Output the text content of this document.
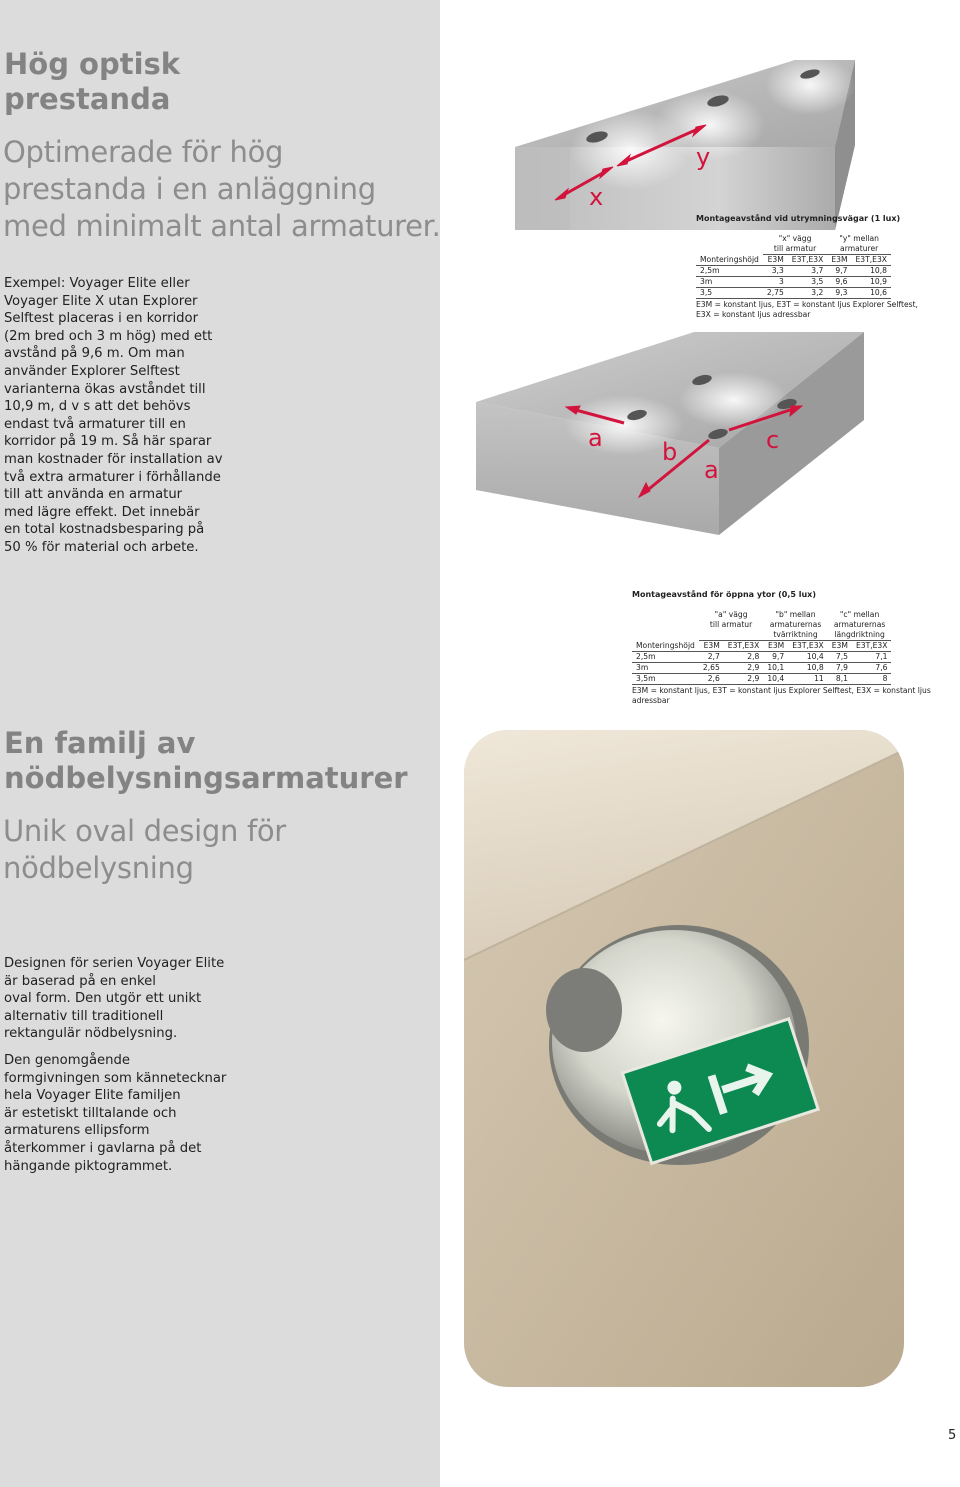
Hög optisk
prestanda
Optimerade för hög
prestanda i en anläggning
med minimalt antal armaturer.
Exempel: Voyager Elite eller
Voyager Elite X utan Explorer
Selftest placeras i en korridor
(2m bred och 3 m hög) med ett
avstånd på 9,6 m. Om man
använder Explorer Selftest
varianterna ökas avståndet till
10,9 m, d v s att det behövs
endast två armaturer till en
korridor på 19 m. Så här sparar
man kostnader för installation av
två extra armaturer i förhållande
till att använda en armatur
med lägre effekt. Det innebär
en total kostnadsbesparing på
50 % för material och arbete.
En familj av
nödbelysningsarmaturer
Unik oval design för
nödbelysning
Designen för serien Voyager Elite
är baserad på en enkel
oval form. Den utgör ett unikt
alternativ till traditionell
rektangulär nödbelysning.
Den genomgående
formgivningen som kännetecknar
hela Voyager Elite familjen
är estetiskt tilltalande och
armaturens ellipsform
återkommer i gavlarna på det
hängande piktogrammet.
x
y
Montageavstånd vid utrymningsvägar (1 lux)
	"x" vägg
till armatur		"y" mellan
armaturer	
Monteringshöjd	E3M	E3T,E3X	E3M	E3T,E3X
2,5m	3,3	3,7	9,7	10,8
3m	3	3,5	9,6	10,9
3,5	2,75	3,2	9,3	10,6
E3M = konstant ljus, E3T = konstant ljus Explorer Selftest,
E3X = konstant ljus adressbar
a b
a
c
Montageavstånd för öppna ytor (0,5 lux)
	"a" vägg
till armatur		"b" mellan
armaturernas
tvärriktning		"c" mellan
armaturernas
längdriktning	
Monteringshöjd	E3M	E3T,E3X	E3M	E3T,E3X	E3M	E3T,E3X
2,5m	2,7	2,8	9,7	10,4	7,5	7,1
3m	2,65	2,9	10,1	10,8	7,9	7,6
3,5m	2,6	2,9	10,4	11	8,1	8
E3M = konstant ljus, E3T = konstant ljus Explorer Selftest, E3X = konstant ljus adressbar
5
